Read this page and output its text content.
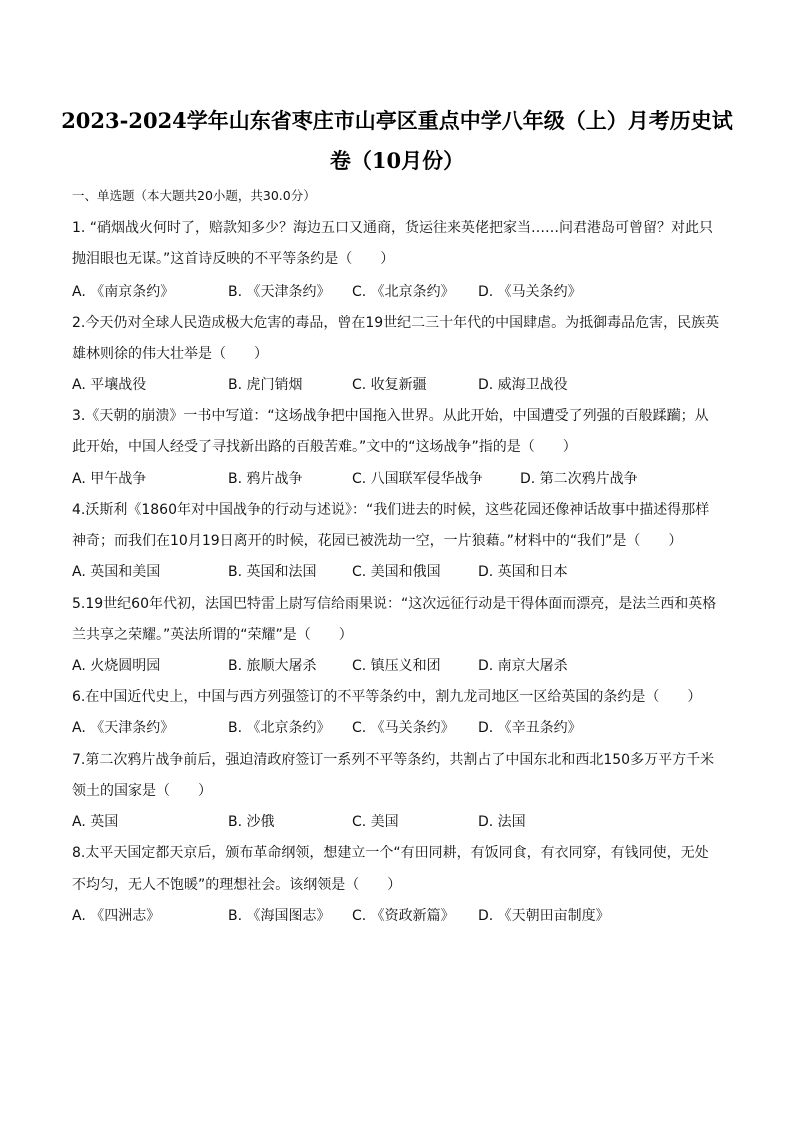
2023-2024学年山东省枣庄市山亭区重点中学八年级（上）月考历史试
卷（10月份）
一、单选题（本大题共20小题，共30.0分）
1. “硝烟战火何时了，赔款知多少？海边五口又通商，货运往来英佬把家当……问君港岛可曾留？对此只
抛泪眼也无谋。”这首诗反映的不平等条约是（　　）
A. 《南京条约》	B. 《天津条约》 C. 《北京条约》 D. 《马关条约》
2.今天仍对全球人民造成极大危害的毒品，曾在19世纪二三十年代的中国肆虐。为抵御毒品危害，民族英
雄林则徐的伟大壮举是（　　）
A. 平壤战役	B. 虎门销烟	C. 收复新疆	D. 威海卫战役
3.《天朝的崩溃》一书中写道：“这场战争把中国拖入世界。从此开始，中国遭受了列强的百般蹂躏；从
此开始，中国人经受了寻找新出路的百般苦难。”文中的“这场战争”指的是（　　）
A. 甲午战争	B. 鸦片战争	C. 八国联军侵华战争	D. 第二次鸦片战争
4.沃斯利《1860年对中国战争的行动与述说》：“我们进去的时候，这些花园还像神话故事中描述得那样
神奇；而我们在10月19日离开的时候，花园已被洗劫一空，一片狼藉。”材料中的“我们”是（　　）
A. 英国和美国	B. 英国和法国	C. 美国和俄国	D. 英国和日本
5.19世纪60年代初，法国巴特雷上尉写信给雨果说：“这次远征行动是干得体面而漂亮，是法兰西和英格
兰共享之荣耀。”英法所谓的“荣耀”是（　　）
A. 火烧圆明园	B. 旅顺大屠杀	C. 镇压义和团	D. 南京大屠杀
6.在中国近代史上，中国与西方列强签订的不平等条约中，割九龙司地区一区给英国的条约是（　　）
A. 《天津条约》	B. 《北京条约》 C. 《马关条约》 D. 《辛丑条约》
7.第二次鸦片战争前后，强迫清政府签订一系列不平等条约，共割占了中国东北和西北150多万平方千米
领土的国家是（　　）
A. 英国	B. 沙俄	C. 美国	D. 法国
8.太平天国定都天京后，颁布革命纲领，想建立一个“有田同耕，有饭同食，有衣同穿，有钱同使，无处
不均匀，无人不饱暖”的理想社会。该纲领是（　　）
A. 《四洲志》	B. 《海国图志》 C. 《资政新篇》 D. 《天朝田亩制度》
